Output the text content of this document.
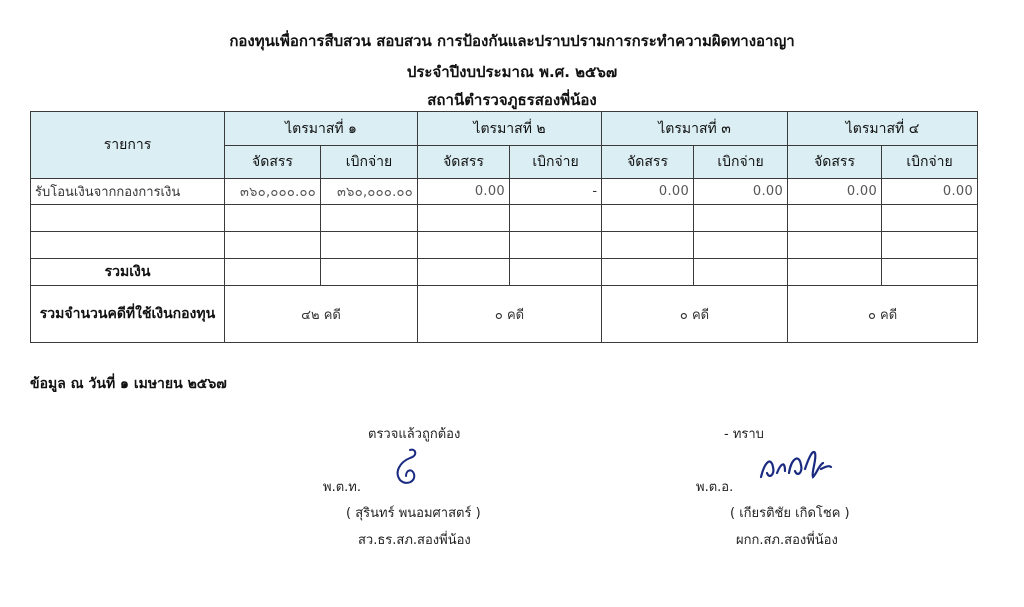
กองทุนเพื่อการสืบสวน สอบสวน การป้องกันและปราบปรามการกระทำความผิดทางอาญา
ประจำปีงบประมาณ พ.ศ. ๒๕๖๗
สถานีตำรวจภูธรสองพี่น้อง
รายการ	ไตรมาสที่ ๑		ไตรมาสที่ ๒		ไตรมาสที่ ๓		ไตรมาสที่ ๔	
	จัดสรร	เบิกจ่าย	จัดสรร	เบิกจ่าย	จัดสรร	เบิกจ่าย	จัดสรร	เบิกจ่าย
รับโอนเงินจากกองการเงิน	๓๖๐,๐๐๐.๐๐	๓๖๐,๐๐๐.๐๐	0.00	-	0.00	0.00	0.00	0.00

รวมเงิน								
รวมจำนวนคดีที่ใช้เงินกองทุน	๔๒ คดี		๐ คดี		๐ คดี		๐ คดี	
ข้อมูล ณ วันที่ ๑ เมษายน ๒๕๖๗
ตรวจแล้วถูกต้อง
พ.ต.ท.
( สุรินทร์ พนอมศาสตร์ )
สว.ธร.สภ.สองพี่น้อง
- ทราบ
พ.ต.อ.
( เกียรติชัย เกิดโชค )
ผกก.สภ.สองพี่น้อง
